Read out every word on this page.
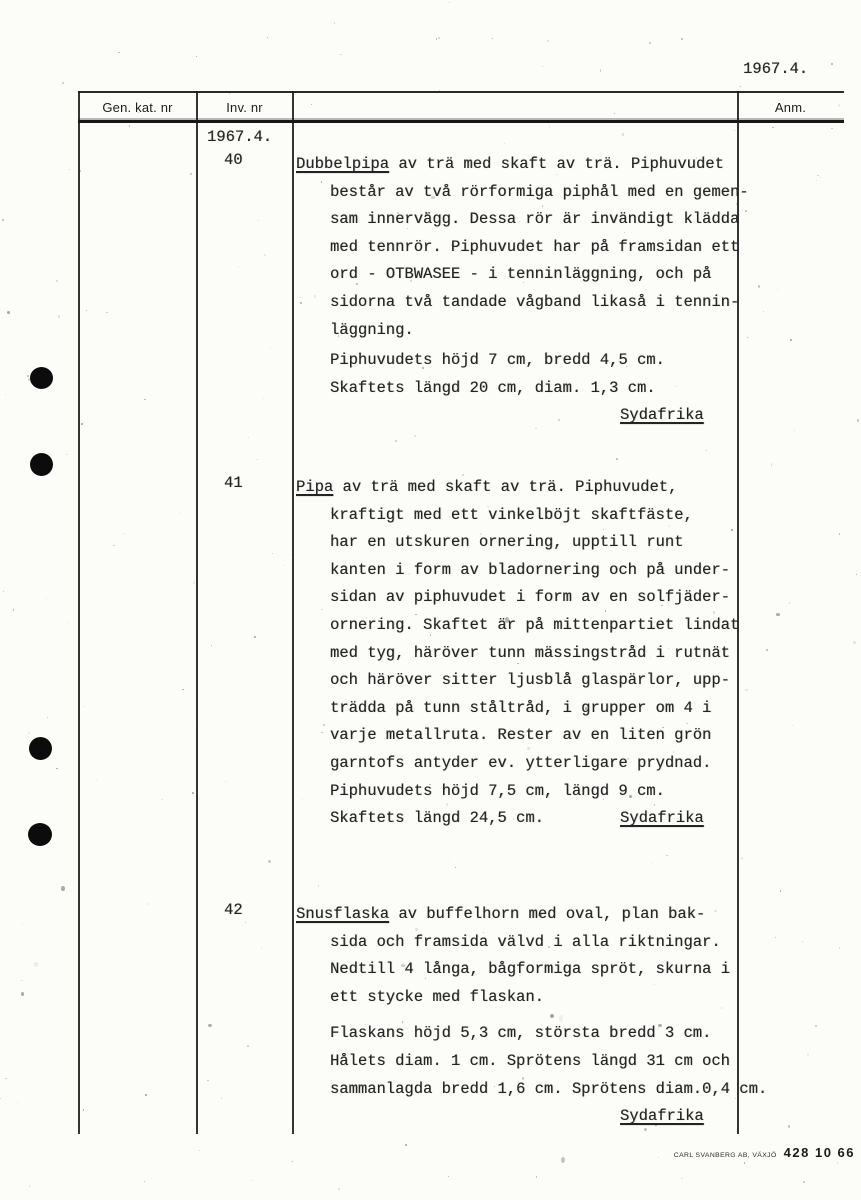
Gen. kat. nr	Inv. nr	Anm.
1967.4.
1967.4.
40	Dubbelpipa av trä med skaft av trä. Piphuvudet
består av två rörformiga piphål med en gemen-
sam innervägg. Dessa rör är invändigt klädda
med tennrör. Piphuvudet har på framsidan ett
ord - OTBWASEE - i tenninläggning, och på
sidorna två tandade vågband likaså i tennin-
läggning.
Piphuvudets höjd 7 cm, bredd 4,5 cm.
Skaftets längd 20 cm, diam. 1,3 cm.
Sydafrika
41	Pipa av trä med skaft av trä. Piphuvudet,
kraftigt med ett vinkelböjt skaftfäste,
har en utskuren ornering, upptill runt
kanten i form av bladornering och på under-
sidan av piphuvudet i form av en solfjäder-
ornering. Skaftet är på mittenpartiet lindat
med tyg, häröver tunn mässingstråd i rutnät
och häröver sitter ljusblå glaspärlor, upp-
trädda på tunn ståltråd, i grupper om 4 i
varje metallruta. Rester av en liten grön
garntofs antyder ev. ytterligare prydnad.
Piphuvudets höjd 7,5 cm, längd 9 cm.
Skaftets längd 24,5 cm.	Sydafrika
42	Snusflaska av buffelhorn med oval, plan bak-
sida och framsida välvd i alla riktningar.
Nedtill 4 långa, bågformiga spröt, skurna i
ett stycke med flaskan.
Flaskans höjd 5,3 cm, största bredd 3 cm.
Hålets diam. 1 cm. Sprötens längd 31 cm och
sammanlagda bredd 1,6 cm. Sprötens diam.0,4 cm.
Sydafrika
CARL SVANBERG AB, VÄXJÖ 428 10 66
